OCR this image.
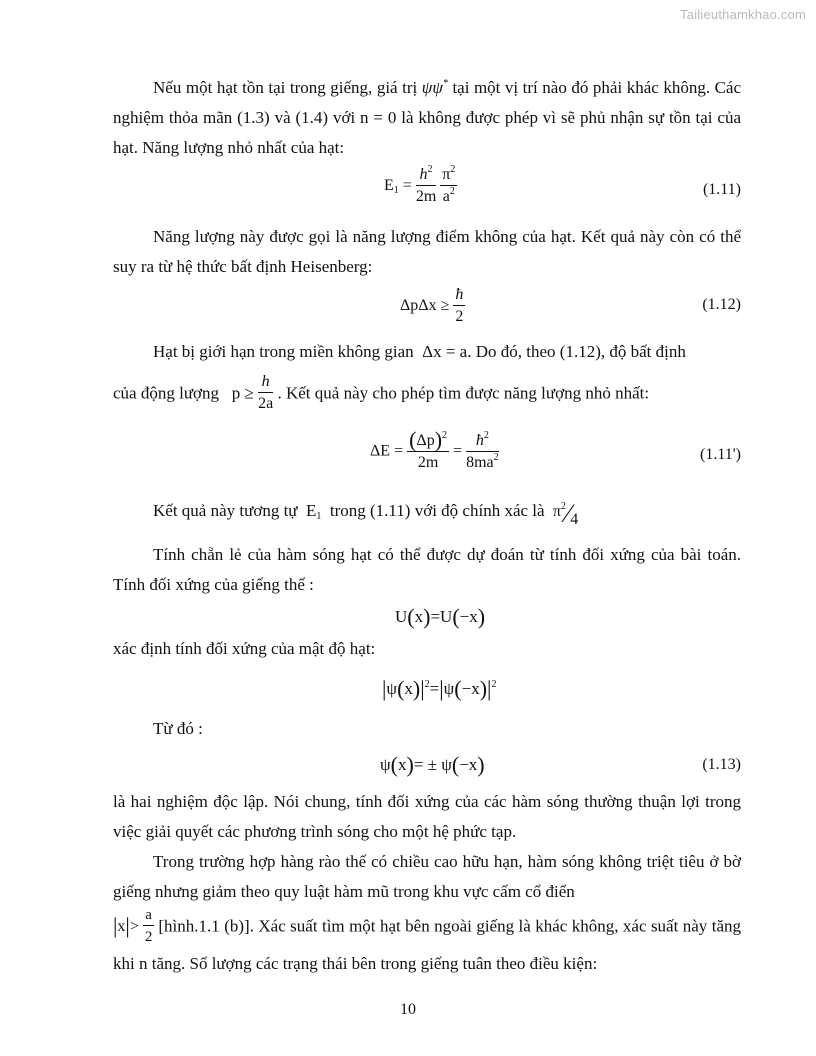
Tailieuthamkhao.com
Nếu một hạt tồn tại trong giếng, giá trị ψψ* tại một vị trí nào đó phải khác không. Các nghiệm thỏa mãn (1.3) và (1.4) với n = 0 là không được phép vì sẽ phủ nhận sự tồn tại của hạt. Năng lượng nhỏ nhất của hạt:
$E_1 = \frac{h^2}{2m}$
$\frac{\pi^2}{a^2}$	(1.11)
Năng lượng này được gọi là năng lượng điểm không của hạt. Kết quả này còn có thể suy ra từ hệ thức bất định Heisenberg:
$\Delta p\Delta x \ge \frac{ħ}{2}$	(1.12)
Hạt bị giới hạn trong miền không gian  Δx = a. Do đó, theo (1.12), độ bất định
của động lượng   $p \ge \frac{h}{2a}$ . Kết quả này cho phép tìm được năng lượng nhỏ nhất:
$\Delta E = \frac{(\Delta p)^2}{2m} = \frac{ħ^2}{8ma^2}$	(1.11')
Kết quả này tương tự  $E_1$ trong (1.11) với độ chính xác là  $\pi^2⁄4$
Tính chẵn lẻ của hàm sóng hạt có thể được dự đoán từ tính đối xứng của bài toán. Tính đối xứng của giếng thế :
U(x)=U(−x)
xác định tính đối xứng của mật độ hạt:
$|\psi(x)|^2=|\psi(-x)|^2$
Từ đó :
ψ(x)= ± ψ(−x)	(1.13)
là hai nghiệm độc lập. Nói chung, tính đối xứng của các hàm sóng thường thuận lợi trong việc giải quyết các phương trình sóng cho một hệ phức tạp.
Trong trường hợp hàng rào thế có chiều cao hữu hạn, hàm sóng không triệt tiêu ở bờ giếng nhưng giảm theo quy luật hàm mũ trong khu vực cấm cổ điển
$|x|> \frac{a}{2}$ [hình.1.1 (b)]. Xác suất tìm một hạt bên ngoài giếng là khác không, xác suất này tăng khi n tăng. Số lượng các trạng thái bên trong giếng tuân theo điều kiện:
10
